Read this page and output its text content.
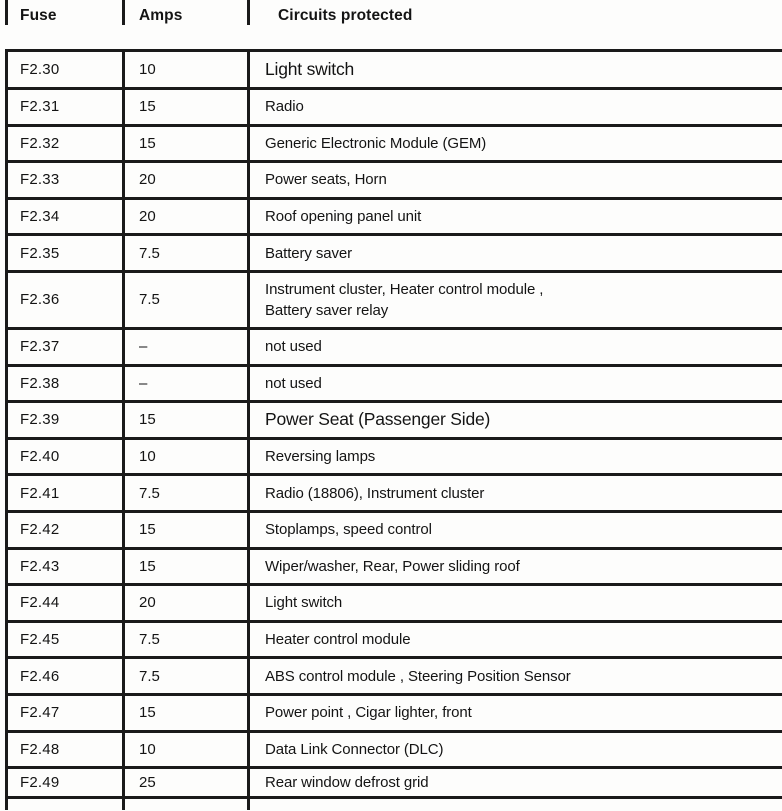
Fuse	Amps	Circuits protected
F2.30	10	Light switch
F2.31	15	Radio
F2.32	15	Generic Electronic Module (GEM)
F2.33	20	Power seats, Horn
F2.34	20	Roof opening panel unit
F2.35	7.5	Battery saver
F2.36	7.5
Instrument cluster, Heater control module ,
Battery saver relay
F2.37	–	not used
F2.38	–	not used
F2.39	15	Power Seat (Passenger Side)
F2.40	10	Reversing lamps
F2.41	7.5	Radio (18806), Instrument cluster
F2.42	15	Stoplamps, speed control
F2.43	15	Wiper/washer, Rear, Power sliding roof
F2.44	20	Light switch
F2.45	7.5	Heater control module
F2.46	7.5	ABS control module , Steering Position Sensor
F2.47	15	Power point , Cigar lighter, front
F2.48	10	Data Link Connector (DLC)
F2.49	25	Rear window defrost grid
